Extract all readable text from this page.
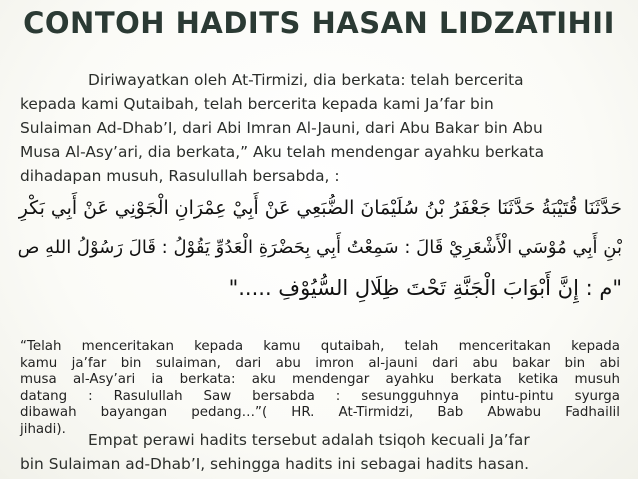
CONTOH HADITS HASAN LIDZATIHII
Diriwayatkan oleh At-Tirmizi, dia berkata: telah bercerita
kepada kami Qutaibah, telah bercerita kepada kami Ja’far bin
Sulaiman Ad-Dhab’I, dari Abi Imran Al-Jauni, dari Abu Bakar bin Abu
Musa Al-Asy’ari, dia berkata,” Aku telah mendengar ayahku berkata
dihadapan musuh, Rasulullah bersabda, :
حَدَّثَنَا قُتَيْبَةُ حَدَّثَنَا جَعْفَرُ بْنُ سُلَيْمَانَ الضُّبَعِي عَنْ أَبِيْ عِمْرَانِ الْجَوْنِي عَنْ أَبِي بَكْرِ
بْنِ أَبِي مُوْسَي الْأَشْعَرِيْ قَالَ : سَمِعْتُ أَبِي بِحَضْرَةِ الْعَدُوِّ يَقُوْلُ : قَالَ رَسُوْلُ اللهِ ص
"م : إِنَّ أَبْوَابَ الْجَنَّةِ تَحْتَ ظِلَالِ السُّيُوْفِ ....."
“Telah menceritakan kepada kamu qutaibah, telah menceritakan kepada
kamu ja’far bin sulaiman, dari abu imron al-jauni dari abu bakar bin abi
musa al-Asy’ari ia berkata: aku mendengar ayahku berkata ketika musuh
datang : Rasulullah Saw bersabda : sesungguhnya pintu-pintu syurga
dibawah bayangan pedang…”( HR. At-Tirmidzi, Bab Abwabu Fadhailil
jihadi).
Empat perawi hadits tersebut adalah tsiqoh kecuali Ja’far
bin Sulaiman ad-Dhab’I, sehingga hadits ini sebagai hadits hasan.
